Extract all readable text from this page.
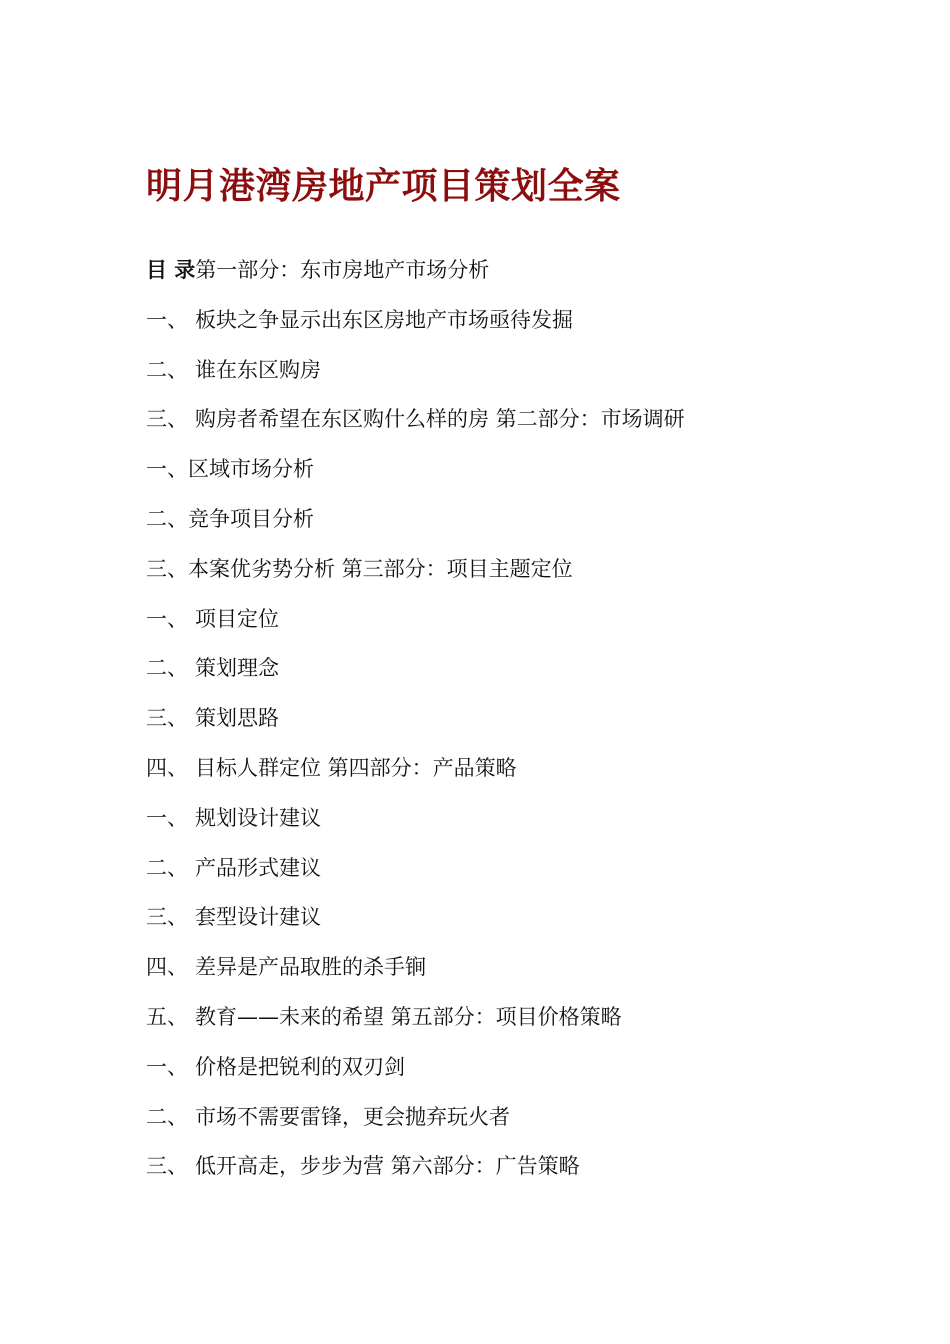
明月港湾房地产项目策划全案
目 录第一部分：东市房地产市场分析
一、 板块之争显示出东区房地产市场亟待发掘
二、 谁在东区购房
三、 购房者希望在东区购什么样的房 第二部分：市场调研
一、区域市场分析
二、竞争项目分析
三、本案优劣势分析 第三部分：项目主题定位
一、 项目定位
二、 策划理念
三、 策划思路
四、 目标人群定位 第四部分：产品策略
一、 规划设计建议
二、 产品形式建议
三、 套型设计建议
四、 差异是产品取胜的杀手锏
五、 教育——未来的希望 第五部分：项目价格策略
一、 价格是把锐利的双刃剑
二、 市场不需要雷锋，更会抛弃玩火者
三、 低开高走，步步为营 第六部分：广告策略
